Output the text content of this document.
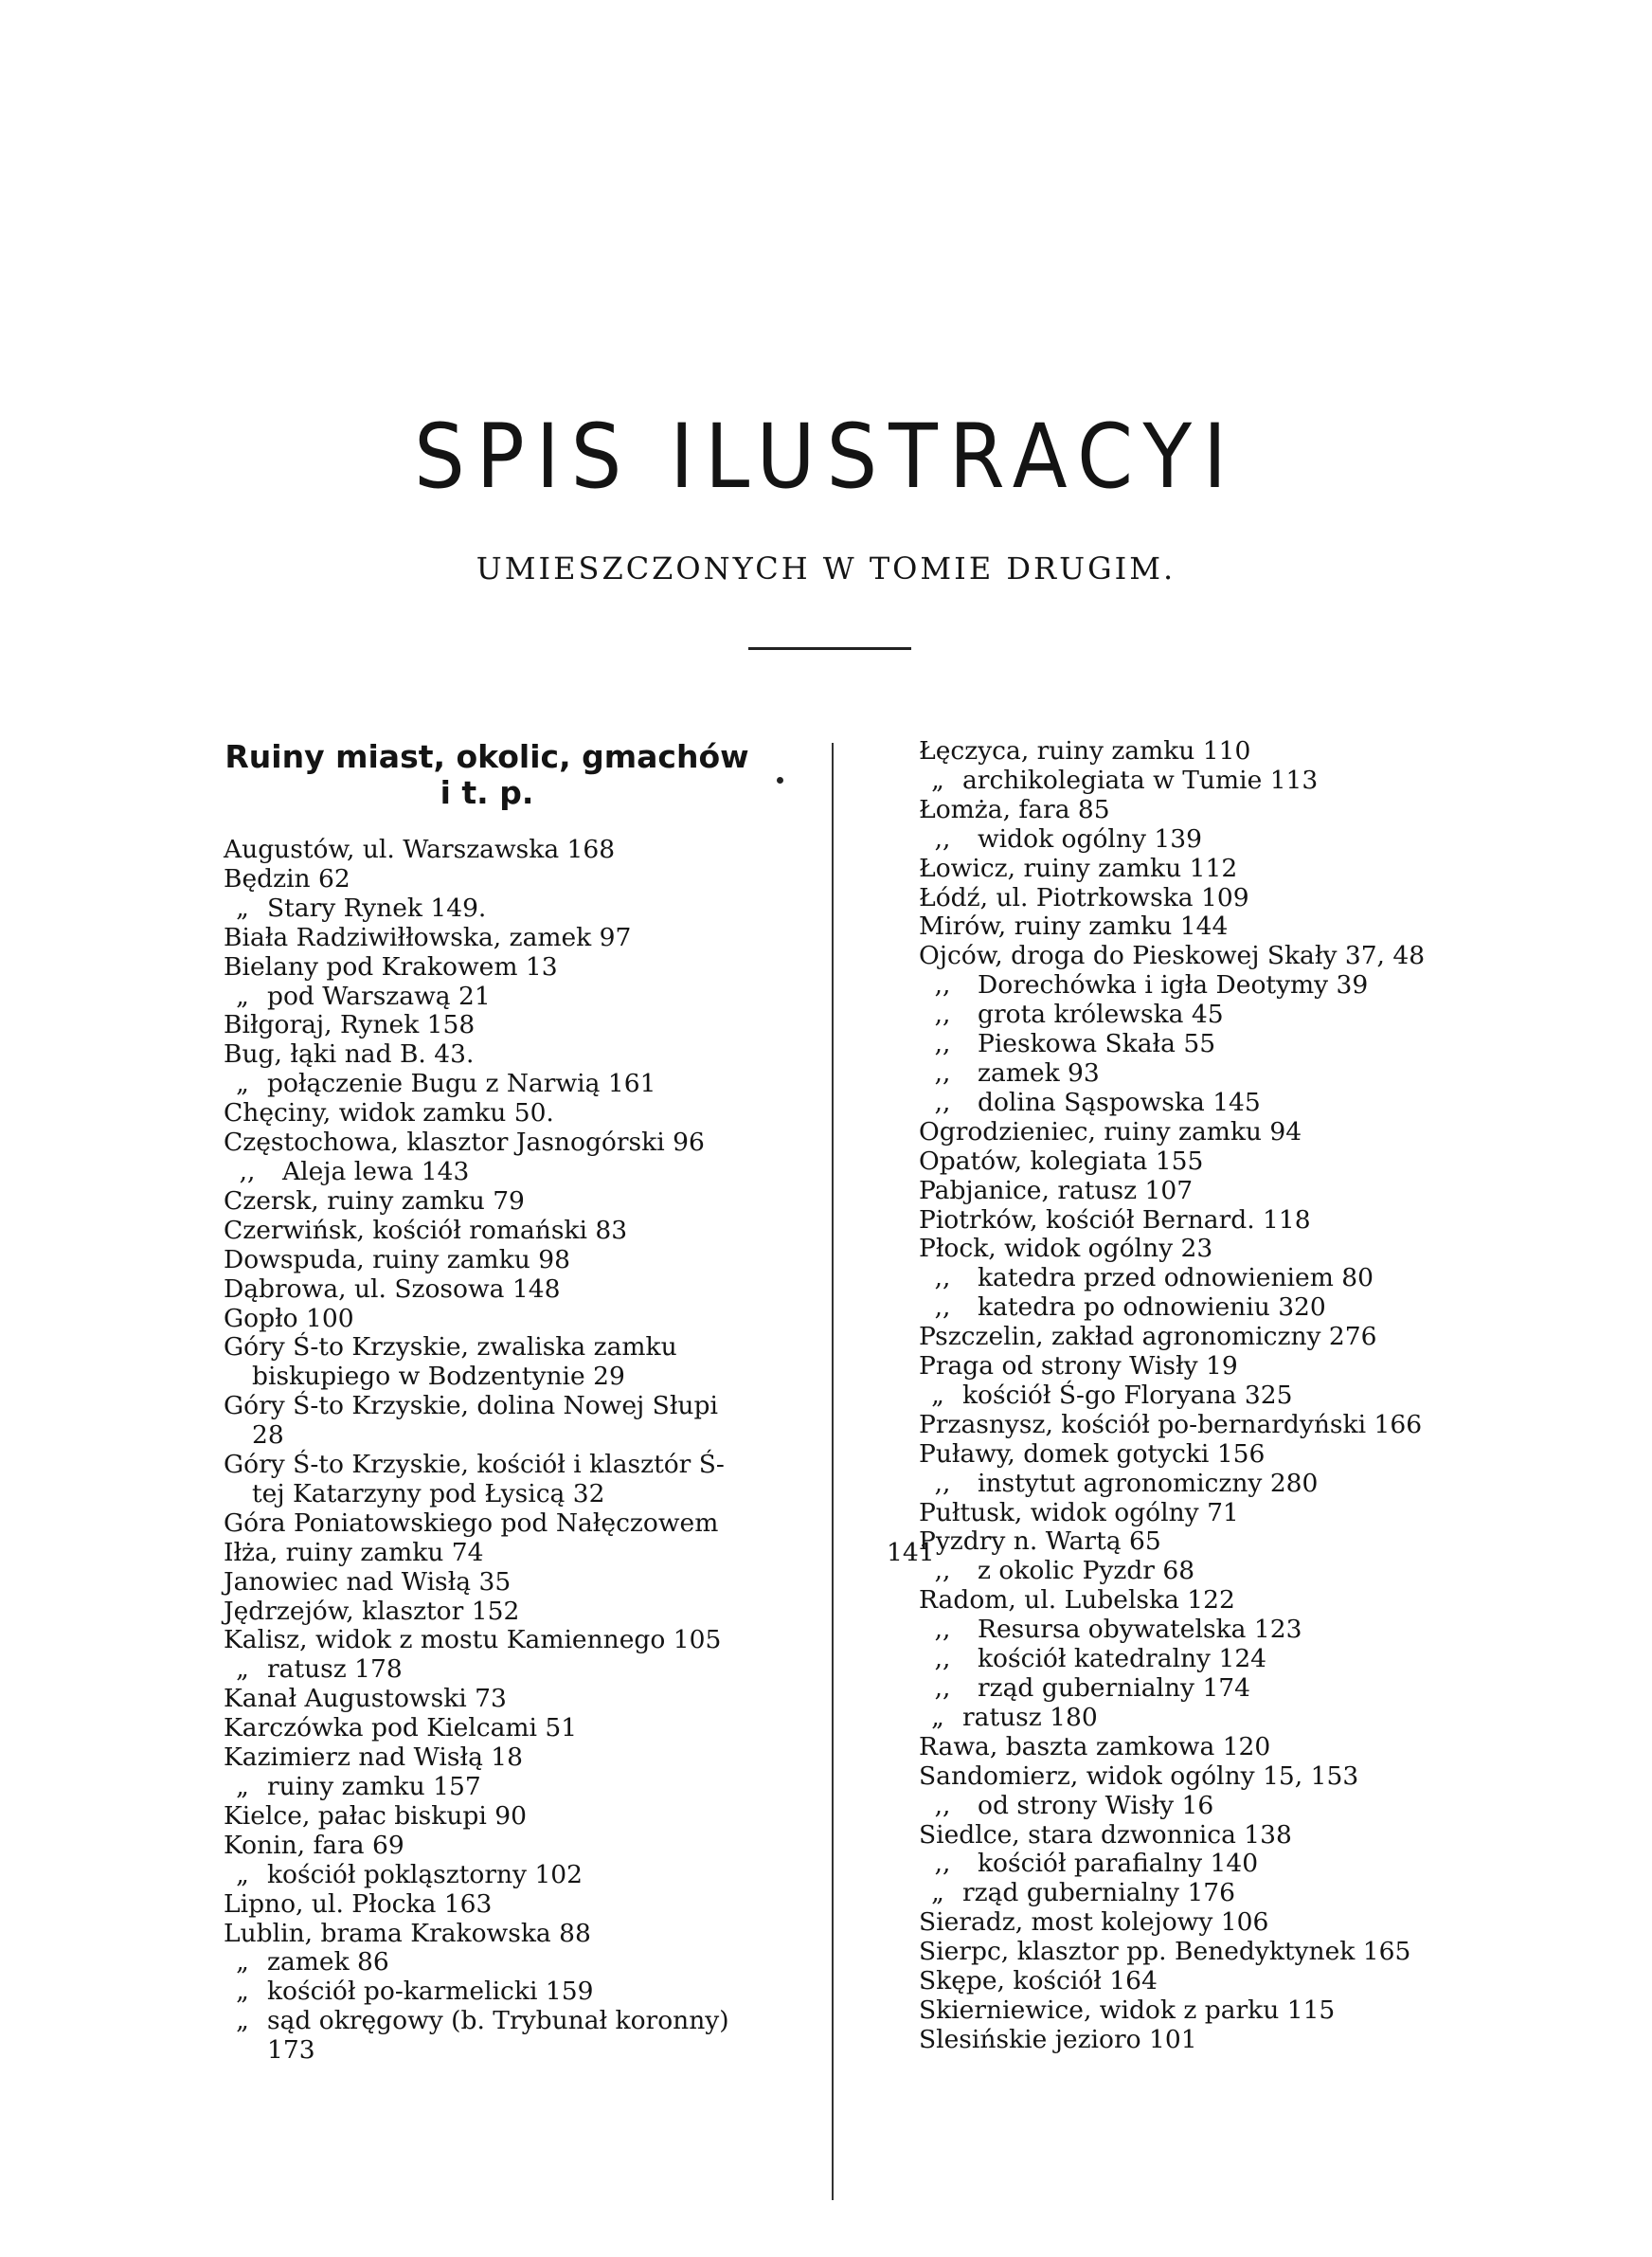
SPIS ILUSTRACYI

UMIESZCZONYCH W TOMIE DRUGIM.

Ruiny miast, okolic, gmachów
i t. p.
Augustów, ul. Warszawska 168
Będzin 62
„ Stary Rynek 149.
Biała Radziwiłłowska, zamek 97
Bielany pod Krakowem 13
„ pod Warszawą 21
Biłgoraj, Rynek 158
Bug, łąki nad B. 43.
„ połączenie Bugu z Narwią 161
Chęciny, widok zamku 50.
Częstochowa, klasztor Jasnogórski 96
,, Aleja lewa 143
Czersk, ruiny zamku 79
Czerwińsk, kościół romański 83
Dowspuda, ruiny zamku 98
Dąbrowa, ul. Szosowa 148
Gopło 100
Góry Ś-to Krzyskie, zwaliska zamku biskupiego w Bodzentynie 29
Góry Ś-to Krzyskie, dolina Nowej Słupi 28
Góry Ś-to Krzyskie, kościół i klasztór Ś-tej Katarzyny pod Łysicą 32
Góra Poniatowskiego pod Nałęczowem
Iłża, ruiny zamku 74	141
Janowiec nad Wisłą 35
Jędrzejów, klasztor 152
Kalisz, widok z mostu Kamiennego 105
„ ratusz 178
Kanał Augustowski 73
Karczówka pod Kielcami 51
Kazimierz nad Wisłą 18
„ ruiny zamku 157
Kielce, pałac biskupi 90
Konin, fara 69
„ kościół pokląsztorny 102
Lipno, ul. Płocka 163
Lublin, brama Krakowska 88
„ zamek 86
„ kościół po-karmelicki 159
„ sąd okręgowy (b. Trybunał koronny) 173
Łęczyca, ruiny zamku 110
„ archikolegiata w Tumie 113
Łomża, fara 85
,, widok ogólny 139
Łowicz, ruiny zamku 112
Łódź, ul. Piotrkowska 109
Mirów, ruiny zamku 144
Ojców, droga do Pieskowej Skały 37, 48
,, Dorechówka i igła Deotymy 39
,, grota królewska 45
,, Pieskowa Skała 55
,, zamek 93
,, dolina Sąspowska 145
Ogrodzieniec, ruiny zamku 94
Opatów, kolegiata 155
Pabjanice, ratusz 107
Piotrków, kościół Bernard. 118
Płock, widok ogólny 23
,, katedra przed odnowieniem 80
,, katedra po odnowieniu 320
Pszczelin, zakład agronomiczny 276
Praga od strony Wisły 19
„ kościół Ś-go Floryana 325
Przasnysz, kościół po-bernardyński 166
Puławy, domek gotycki 156
,, instytut agronomiczny 280
Pułtusk, widok ogólny 71
Pyzdry n. Wartą 65
,, z okolic Pyzdr 68
Radom, ul. Lubelska 122
,, Resursa obywatelska 123
,, kościół katedralny 124
,, rząd gubernialny 174
„ ratusz 180
Rawa, baszta zamkowa 120
Sandomierz, widok ogólny 15, 153
,, od strony Wisły 16
Siedlce, stara dzwonnica 138
,, kościół parafialny 140
„ rząd gubernialny 176
Sieradz, most kolejowy 106
Sierpc, klasztor pp. Benedyktynek 165
Skępe, kościół 164
Skierniewice, widok z parku 115
Slesińskie jezioro 101
